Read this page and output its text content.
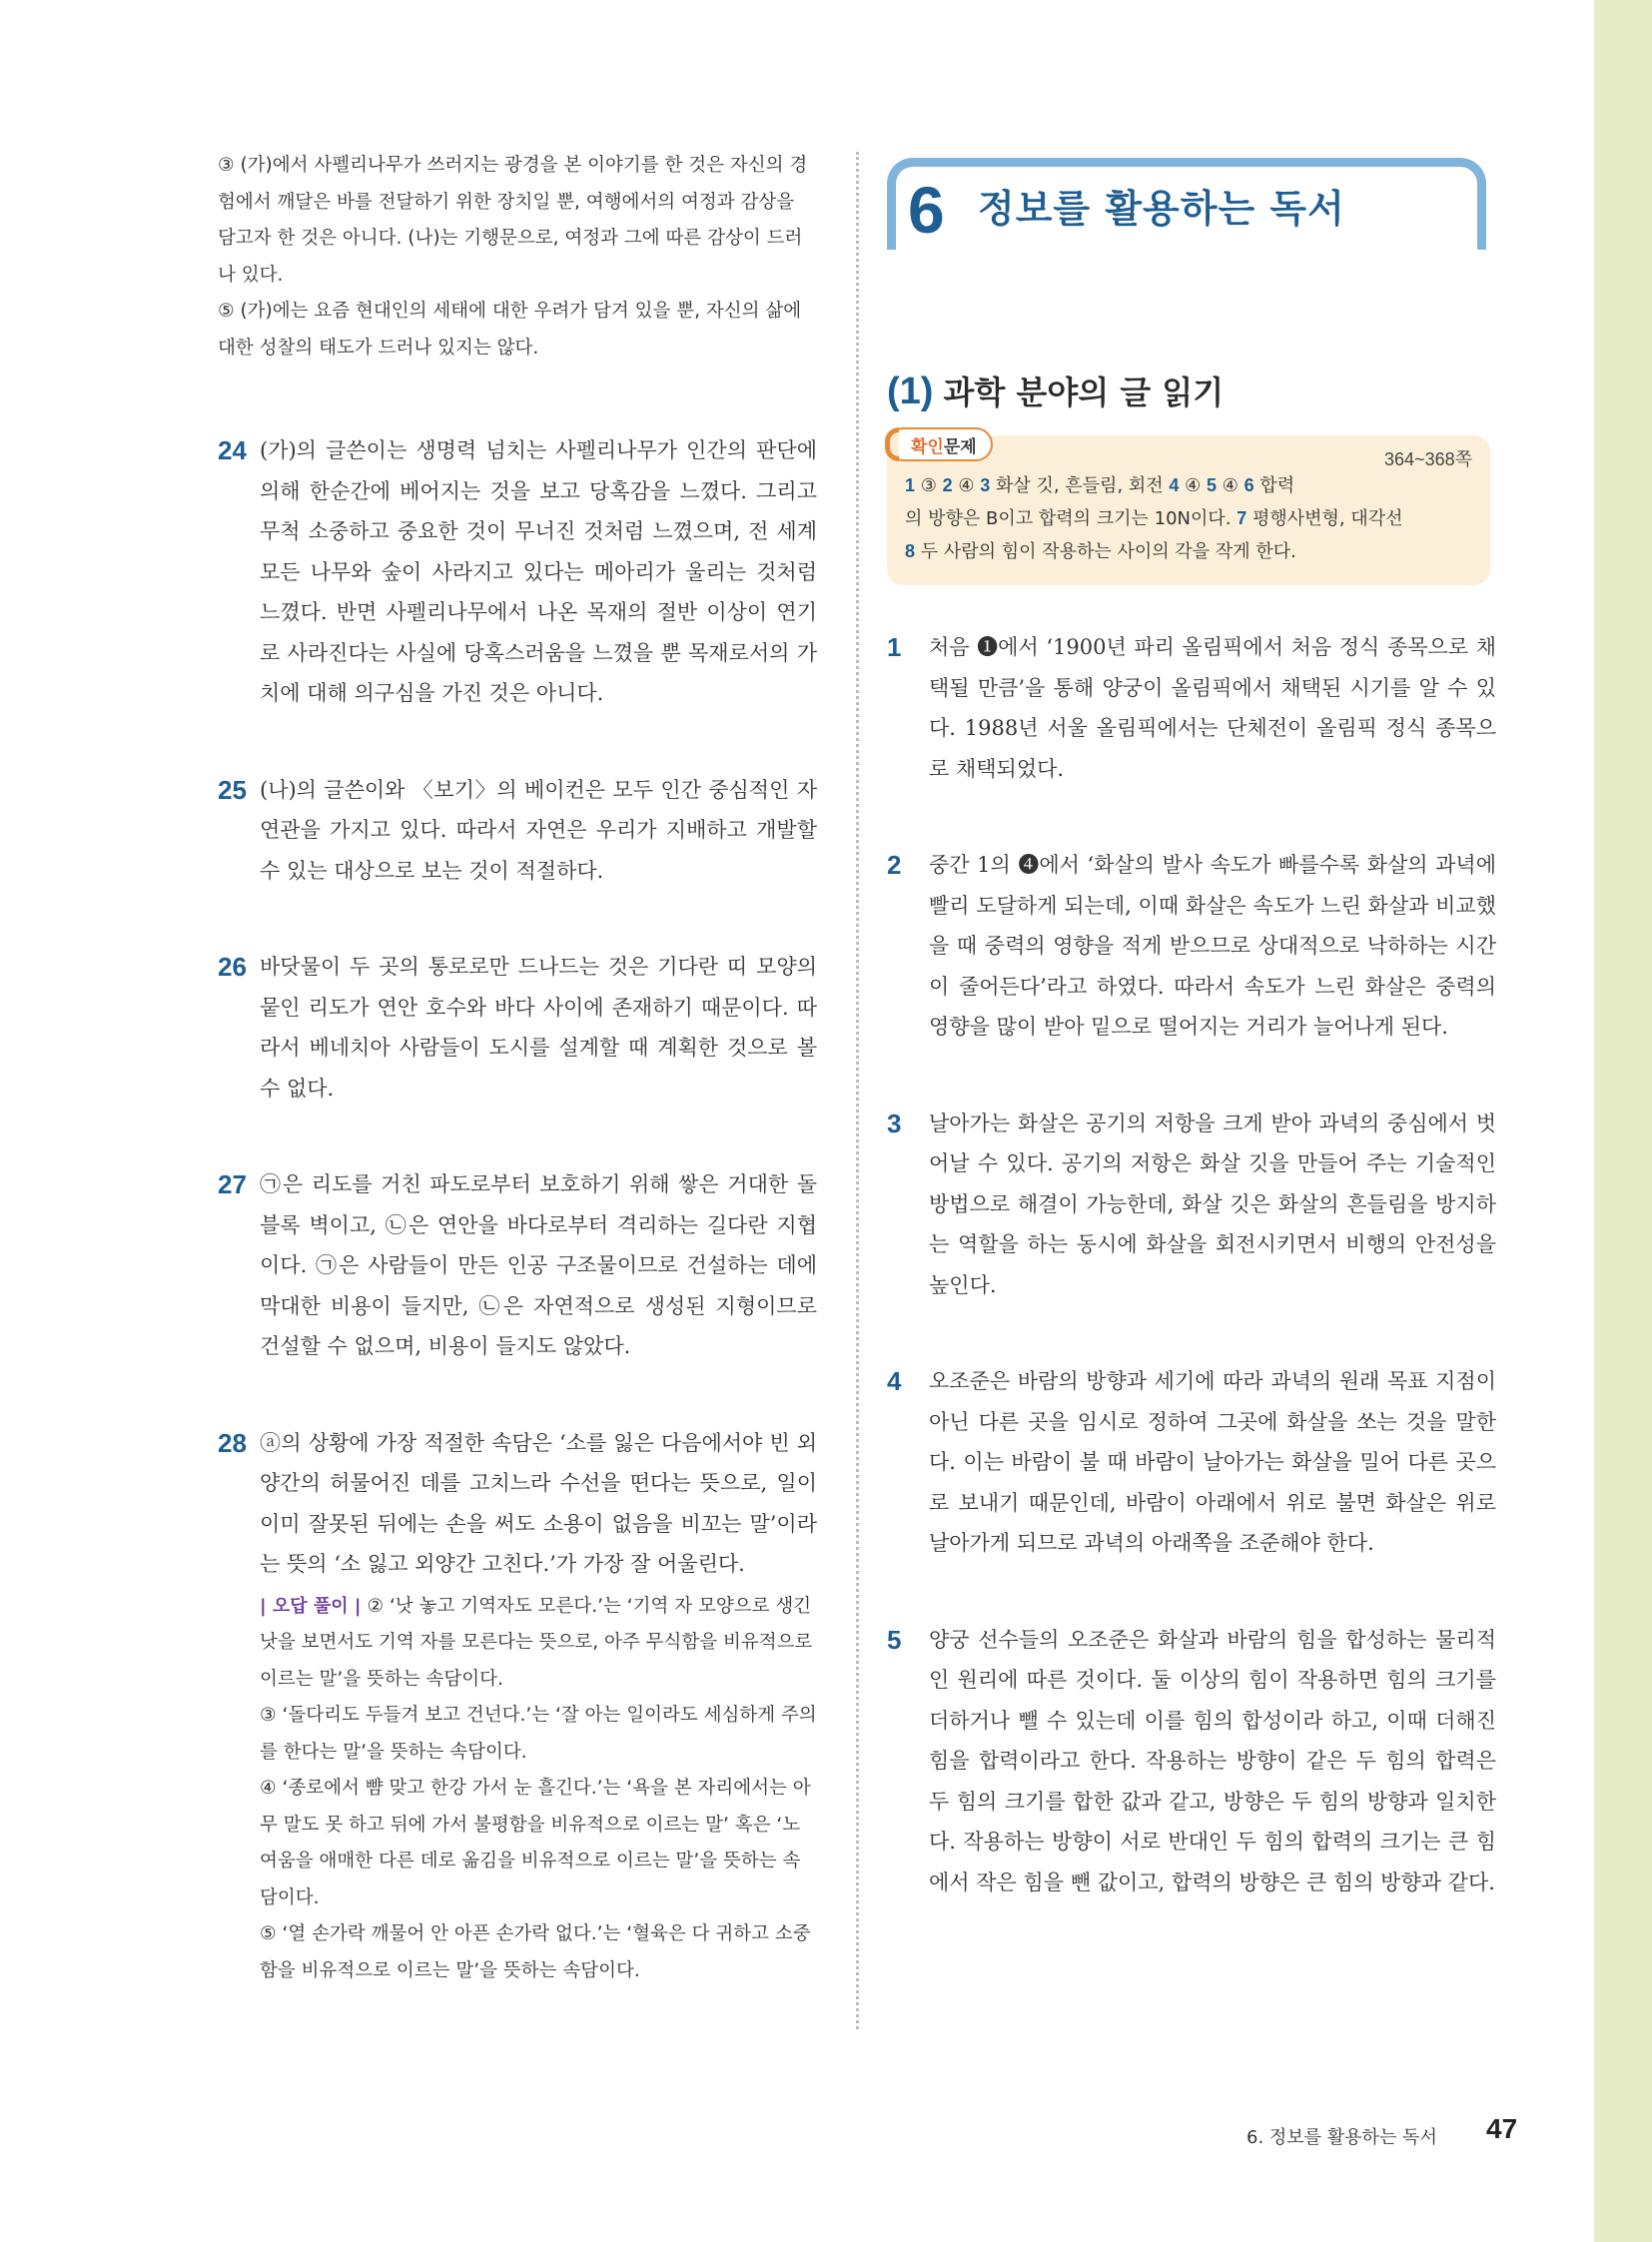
③ (가)에서 사펠리나무가 쓰러지는 광경을 본 이야기를 한 것은 자신의 경험에서 깨달은 바를 전달하기 위한 장치일 뿐, 여행에서의 여정과 감상을 담고자 한 것은 아니다. (나)는 기행문으로, 여정과 그에 따른 감상이 드러나 있다.

⑤ (가)에는 요즘 현대인의 세태에 대한 우려가 담겨 있을 뿐, 자신의 삶에 대한 성찰의 태도가 드러나 있지는 않다.

24 (가)의 글쓴이는 생명력 넘치는 사펠리나무가 인간의 판단에 의해 한순간에 베어지는 것을 보고 당혹감을 느꼈다. 그리고 무척 소중하고 중요한 것이 무너진 것처럼 느꼈으며, 전 세계 모든 나무와 숲이 사라지고 있다는 메아리가 울리는 것처럼 느꼈다. 반면 사펠리나무에서 나온 목재의 절반 이상이 연기로 사라진다는 사실에 당혹스러움을 느꼈을 뿐 목재로서의 가치에 대해 의구심을 가진 것은 아니다.

25 (나)의 글쓴이와 〈보기〉의 베이컨은 모두 인간 중심적인 자연관을 가지고 있다. 따라서 자연은 우리가 지배하고 개발할 수 있는 대상으로 보는 것이 적절하다.

26 바닷물이 두 곳의 통로로만 드나드는 것은 기다란 띠 모양의 뭍인 리도가 연안 호수와 바다 사이에 존재하기 때문이다. 따라서 베네치아 사람들이 도시를 설계할 때 계획한 것으로 볼 수 없다.

27 ㉠은 리도를 거친 파도로부터 보호하기 위해 쌓은 거대한 돌 블록 벽이고, ㉡은 연안을 바다로부터 격리하는 길다란 지협이다. ㉠은 사람들이 만든 인공 구조물이므로 건설하는 데에 막대한 비용이 들지만, ㉡은 자연적으로 생성된 지형이므로 건설할 수 없으며, 비용이 들지도 않았다.

28 ⓐ의 상황에 가장 적절한 속담은 ‘소를 잃은 다음에서야 빈 외양간의 허물어진 데를 고치느라 수선을 떤다는 뜻으로, 일이 이미 잘못된 뒤에는 손을 써도 소용이 없음을 비꼬는 말’이라는 뜻의 ‘소 잃고 외양간 고친다.’가 가장 잘 어울린다.

| 오답 풀이 | ② ‘낫 놓고 기역자도 모른다.’는 ‘기역 자 모양으로 생긴 낫을 보면서도 기역 자를 모른다는 뜻으로, 아주 무식함을 비유적으로 이르는 말’을 뜻하는 속담이다.

③ ‘돌다리도 두들겨 보고 건넌다.’는 ‘잘 아는 일이라도 세심하게 주의를 한다는 말’을 뜻하는 속담이다.

④ ‘종로에서 뺨 맞고 한강 가서 눈 흘긴다.’는 ‘욕을 본 자리에서는 아무 말도 못 하고 뒤에 가서 불평함을 비유적으로 이르는 말’ 혹은 ‘노여움을 애매한 다른 데로 옮김을 비유적으로 이르는 말’을 뜻하는 속담이다.

⑤ ‘열 손가락 깨물어 안 아픈 손가락 없다.’는 ‘혈육은 다 귀하고 소중함을 비유적으로 이르는 말’을 뜻하는 속담이다.

6 정보를 활용하는 독서
(1) 과학 분야의 글 읽기
확인 문제
364~368쪽

1 ③ 2 ④ 3 화살 깃, 흔들림, 회전 4 ④ 5 ④ 6 합력

의 방향은 B이고 합력의 크기는 10N이다. 7 평행사변형, 대각선

8 두 사람의 힘이 작용하는 사이의 각을 작게 한다.

1 처음 ➊에서 ‘1900년 파리 올림픽에서 처음 정식 종목으로 채택될 만큼’을 통해 양궁이 올림픽에서 채택된 시기를 알 수 있다. 1988년 서울 올림픽에서는 단체전이 올림픽 정식 종목으로 채택되었다.

2 중간 1의 ➍에서 ‘화살의 발사 속도가 빠를수록 화살의 과녁에 빨리 도달하게 되는데, 이때 화살은 속도가 느린 화살과 비교했을 때 중력의 영향을 적게 받으므로 상대적으로 낙하하는 시간이 줄어든다’라고 하였다. 따라서 속도가 느린 화살은 중력의 영향을 많이 받아 밑으로 떨어지는 거리가 늘어나게 된다.

3 날아가는 화살은 공기의 저항을 크게 받아 과녁의 중심에서 벗어날 수 있다. 공기의 저항은 화살 깃을 만들어 주는 기술적인 방법으로 해결이 가능한데, 화살 깃은 화살의 흔들림을 방지하는 역할을 하는 동시에 화살을 회전시키면서 비행의 안전성을 높인다.

4 오조준은 바람의 방향과 세기에 따라 과녁의 원래 목표 지점이 아닌 다른 곳을 임시로 정하여 그곳에 화살을 쏘는 것을 말한다. 이는 바람이 불 때 바람이 날아가는 화살을 밀어 다른 곳으로 보내기 때문인데, 바람이 아래에서 위로 불면 화살은 위로 날아가게 되므로 과녁의 아래쪽을 조준해야 한다.

5 양궁 선수들의 오조준은 화살과 바람의 힘을 합성하는 물리적인 원리에 따른 것이다. 둘 이상의 힘이 작용하면 힘의 크기를 더하거나 뺄 수 있는데 이를 힘의 합성이라 하고, 이때 더해진 힘을 합력이라고 한다. 작용하는 방향이 같은 두 힘의 합력은 두 힘의 크기를 합한 값과 같고, 방향은 두 힘의 방향과 일치한다. 작용하는 방향이 서로 반대인 두 힘의 합력의 크기는 큰 힘에서 작은 힘을 뺀 값이고, 합력의 방향은 큰 힘의 방향과 같다.

6. 정보를 활용하는 독서 47
